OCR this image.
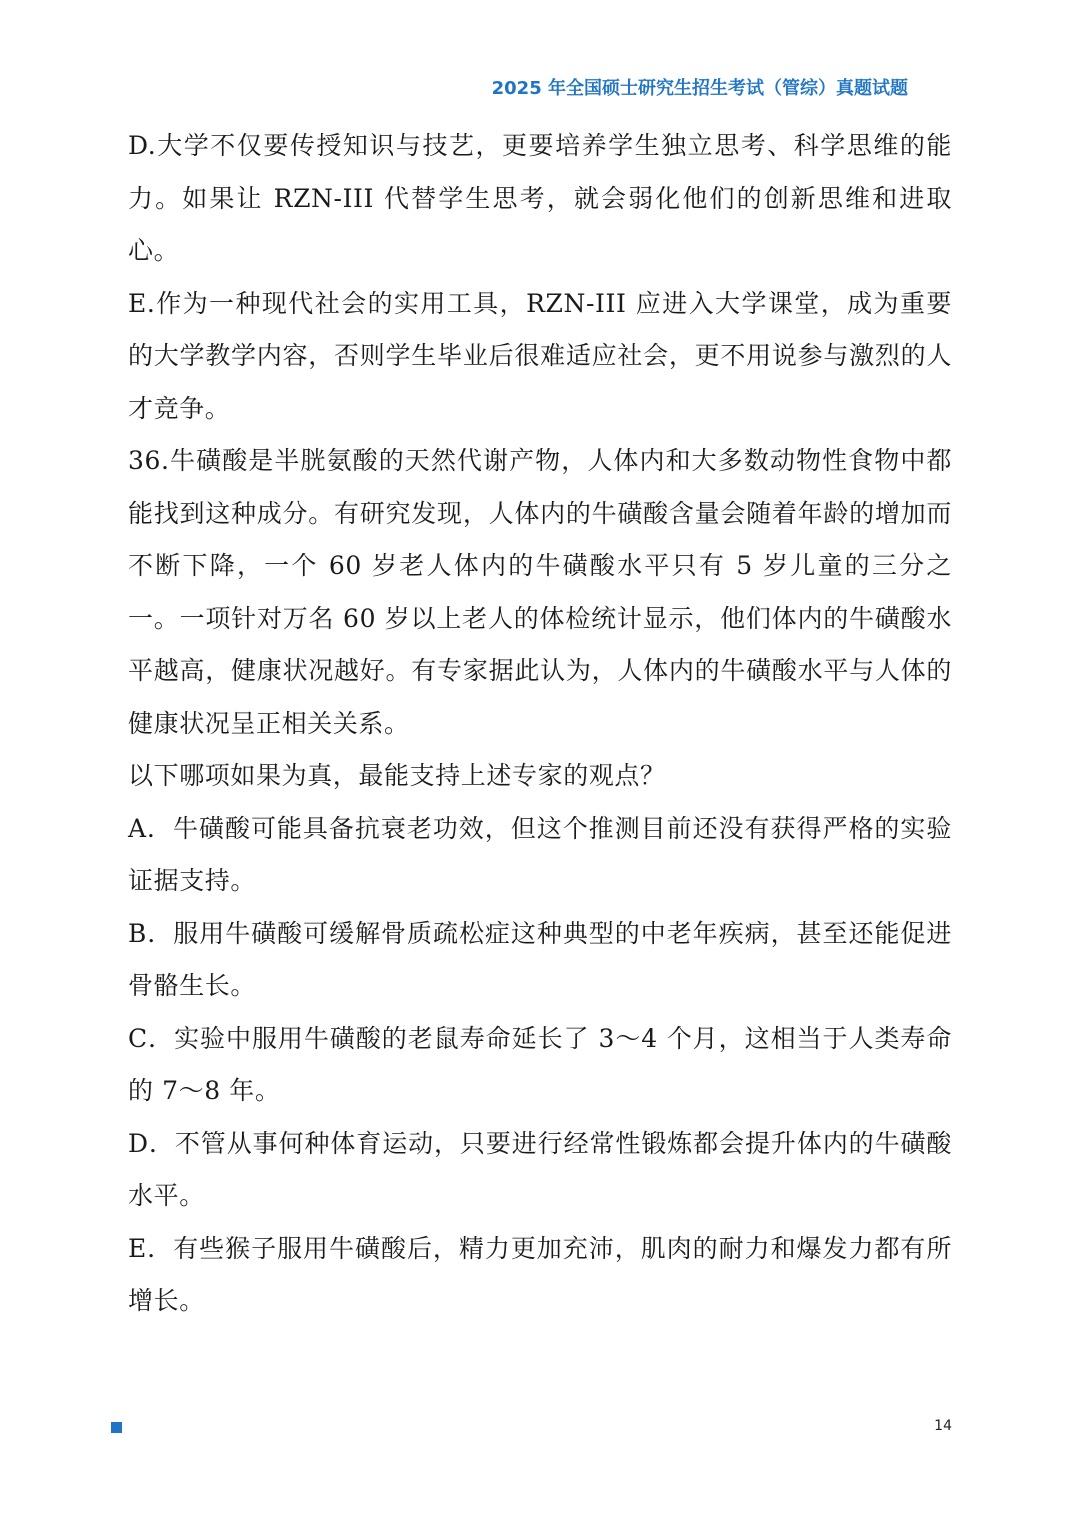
2025 年全国硕士研究生招生考试（管综）真题试题

D.大学不仅要传授知识与技艺，更要培养学生独立思考、科学思维的能力。如果让 RZN-III 代替学生思考，就会弱化他们的创新思维和进取心。

E.作为一种现代社会的实用工具，RZN-III 应进入大学课堂，成为重要的大学教学内容，否则学生毕业后很难适应社会，更不用说参与激烈的人才竞争。

36.牛磺酸是半胱氨酸的天然代谢产物，人体内和大多数动物性食物中都能找到这种成分。有研究发现，人体内的牛磺酸含量会随着年龄的增加而不断下降，一个 60 岁老人体内的牛磺酸水平只有 5 岁儿童的三分之一。一项针对万名 60 岁以上老人的体检统计显示，他们体内的牛磺酸水平越高，健康状况越好。有专家据此认为，人体内的牛磺酸水平与人体的健康状况呈正相关关系。

以下哪项如果为真，最能支持上述专家的观点？

A．牛磺酸可能具备抗衰老功效，但这个推测目前还没有获得严格的实验证据支持。

B．服用牛磺酸可缓解骨质疏松症这种典型的中老年疾病，甚至还能促进骨骼生长。

C．实验中服用牛磺酸的老鼠寿命延长了 3～4 个月，这相当于人类寿命的 7～8 年。

D．不管从事何种体育运动，只要进行经常性锻炼都会提升体内的牛磺酸水平。

E．有些猴子服用牛磺酸后，精力更加充沛，肌肉的耐力和爆发力都有所增长。

14
